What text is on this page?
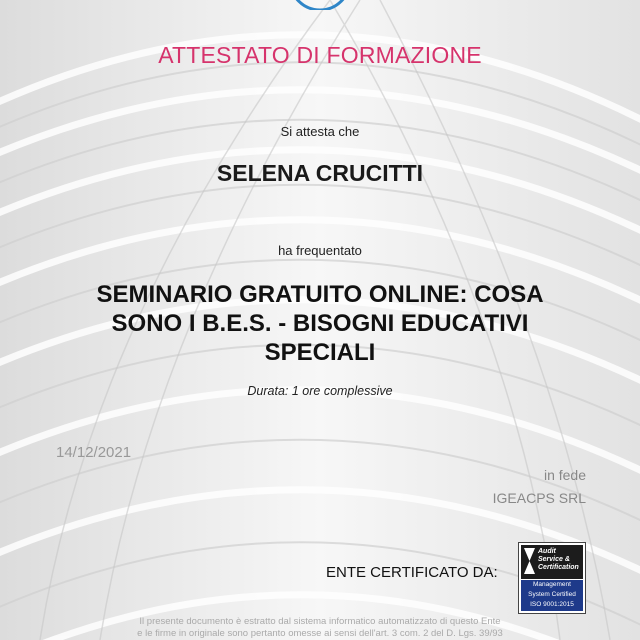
ATTESTATO DI FORMAZIONE
Si attesta che
SELENA CRUCITTI
ha frequentato
SEMINARIO GRATUITO ONLINE: COSA SONO I B.E.S. - BISOGNI EDUCATIVI SPECIALI
Durata: 1 ore complessive
14/12/2021
in fede
IGEACPS SRL
ENTE CERTIFICATO DA:
Audit
Service &
Certification
Management
System Certified
ISO 9001:2015
Il presente documento è estratto dal sistema informatico automatizzato di questo Ente
e le firme in originale sono pertanto omesse ai sensi dell'art. 3 com. 2 del D. Lgs. 39/93
